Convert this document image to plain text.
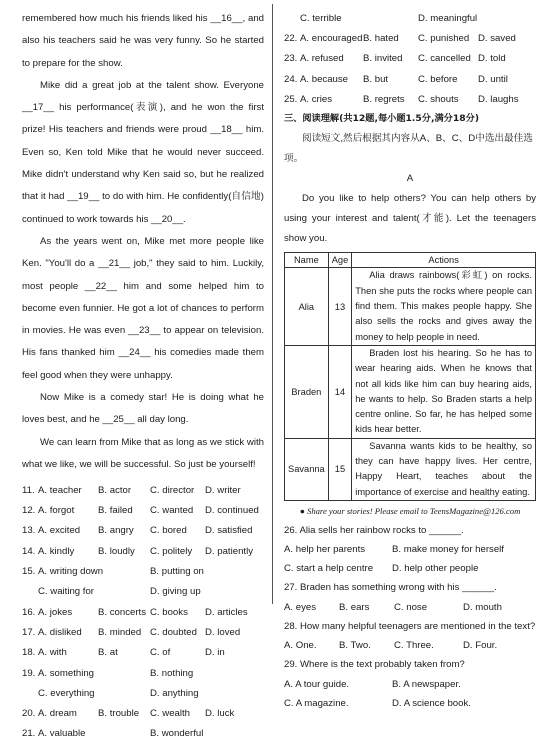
remembered how much his friends liked his __16__, and also his teachers said he was very funny. So he started to prepare for the show.

Mike did a great job at the talent show. Everyone __17__ his performance(表演), and he won the first prize! His teachers and friends were proud __18__ him. Even so, Ken told Mike that he would never succeed. Mike didn't understand why Ken said so, but he realized that it had __19__ to do with him. He confidently(自信地) continued to work towards his __20__.

As the years went on, Mike met more people like Ken. "You'll do a __21__ job," they said to him. Luckily, most people __22__ him and some helped him to become even funnier. He got a lot of chances to perform in movies. He was even __23__ to appear on television. His fans thanked him __24__ his comedies made them feel good when they were unhappy.

Now Mike is a comedy star! He is doing what he loves best, and he __25__ all day long.

We can learn from Mike that as long as we stick with what we like, we will be successful. So just be yourself!

11. A. teacher	B. actor	C. director	D. writer
12. A. forgot	B. failed	C. wanted	D. continued
13. A. excited	B. angry	C. bored	D. satisfied
14. A. kindly	B. loudly	C. politely	D. patiently
15. A. writing down	B. putting on
C. waiting for	D. giving up
16. A. jokes	B. concerts C. books	D. articles
17. A. disliked	B. minded C. doubted D. loved
18. A. with	B. at	C. of	D. in
19. A. something	B. nothing
C. everything	D. anything
20. A. dream	B. trouble	C. wealth	D. luck
21. A. valuable	B. wonderful
C. terrible	D. meaningful
22. A. encouraged B. hated	C. punished D. saved
23. A. refused	B. invited	C. cancelled D. told
24. A. because	B. but	C. before	D. until
25. A. cries	B. regrets	C. shouts	D. laughs
三、阅读理解(共12题,每小题1.5分,满分18分)

阅读短文,然后根据其内容从A、B、C、D中选出最佳选项。

A

Do you like to help others? You can help others by using your interest and talent(才能). Let the teenagers show you.

Name	Age	Actions
Alia	13	Alia draws rainbows(彩虹) on rocks. Then she puts the rocks where people can find them. This makes people happy. She also sells the rocks and gives away the money to help people in need.
Braden	14	Braden lost his hearing. So he has to wear hearing aids. When he knows that not all kids like him can buy hearing aids, he wants to help. So Braden starts a help centre online. So far, he has helped some kids hear better.
Savanna	15	Savanna wants kids to be healthy, so they can have happy lives. Her centre, Happy Heart, teaches about the importance of exercise and healthy eating.
● Share your stories! Please email to TeensMagazine@126.com

26. Alia sells her rainbow rocks to ______.

A. help her parents	B. make money for herself
C. start a help centre	D. help other people

27. Braden has something wrong with his ______.

A. eyes	B. ears	C. nose	D. mouth

28. How many helpful teenagers are mentioned in the text?

A. One.	B. Two.	C. Three.	D. Four.

29. Where is the text probably taken from?

A. A tour guide.	B. A newspaper.
C. A magazine.	D. A science book.
